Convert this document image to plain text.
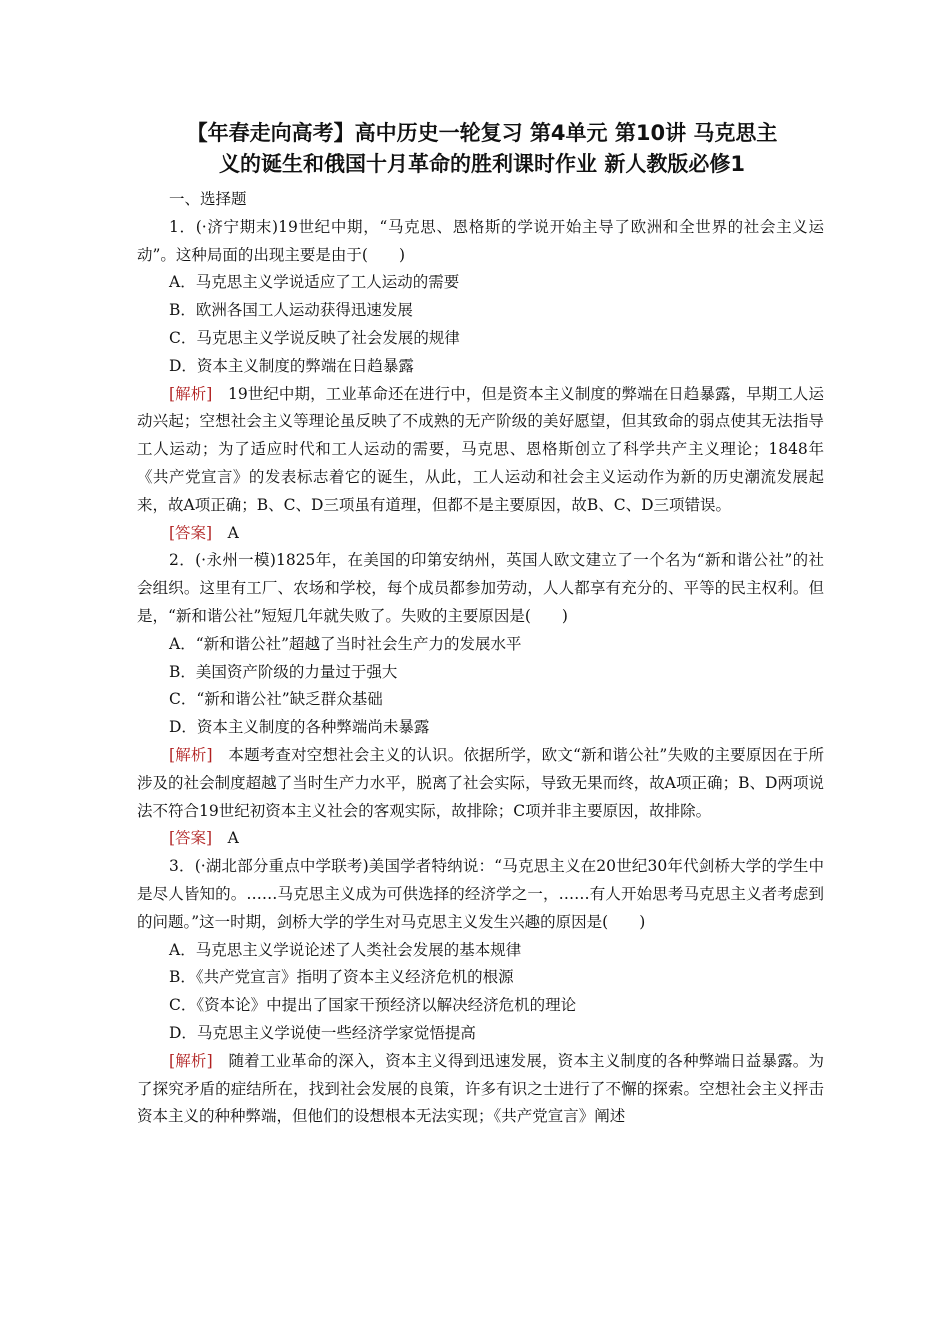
【年春走向高考】高中历史一轮复习 第4单元 第10讲 马克思主
义的诞生和俄国十月革命的胜利课时作业 新人教版必修1
一、选择题

1．(·济宁期末)19世纪中期，“马克思、恩格斯的学说开始主导了欧洲和全世界的社会主义运动”。这种局面的出现主要是由于(　　)

A．马克思主义学说适应了工人运动的需要
B．欧洲各国工人运动获得迅速发展
C．马克思主义学说反映了社会发展的规律
D．资本主义制度的弊端在日趋暴露

[解析]　 19世纪中期，工业革命还在进行中，但是资本主义制度的弊端在日趋暴露，早期工人运动兴起；空想社会主义等理论虽反映了不成熟的无产阶级的美好愿望，但其致命的弱点使其无法指导工人运动；为了适应时代和工人运动的需要，马克思、恩格斯创立了科学共产主义理论；1848年《共产党宣言》的发表标志着它的诞生，从此，工人运动和社会主义运动作为新的历史潮流发展起来，故A项正确；B、C、D三项虽有道理，但都不是主要原因，故B、C、D三项错误。

[答案]　 A

2．(·永州一模)1825年，在美国的印第安纳州，英国人欧文建立了一个名为“新和谐公社”的社会组织。这里有工厂、农场和学校，每个成员都参加劳动，人人都享有充分的、平等的民主权利。但是，“新和谐公社”短短几年就失败了。失败的主要原因是(　　)

A．“新和谐公社”超越了当时社会生产力的发展水平
B．美国资产阶级的力量过于强大
C．“新和谐公社”缺乏群众基础
D．资本主义制度的各种弊端尚未暴露

[解析]　 本题考查对空想社会主义的认识。依据所学，欧文“新和谐公社”失败的主要原因在于所涉及的社会制度超越了当时生产力水平，脱离了社会实际，导致无果而终，故A项正确；B、D两项说法不符合19世纪初资本主义社会的客观实际，故排除；C项并非主要原因，故排除。

[答案]　 A

3．(·湖北部分重点中学联考)美国学者特纳说：“马克思主义在20世纪30年代剑桥大学的学生中是尽人皆知的。……马克思主义成为可供选择的经济学之一，……有人开始思考马克思主义者考虑到的问题。”这一时期，剑桥大学的学生对马克思主义发生兴趣的原因是(　　)

A．马克思主义学说论述了人类社会发展的基本规律
B．《共产党宣言》指明了资本主义经济危机的根源
C．《资本论》中提出了国家干预经济以解决经济危机的理论
D．马克思主义学说使一些经济学家觉悟提高

[解析]　 随着工业革命的深入，资本主义得到迅速发展，资本主义制度的各种弊端日益暴露。为了探究矛盾的症结所在，找到社会发展的良策，许多有识之士进行了不懈的探索。空想社会主义抨击资本主义的种种弊端，但他们的设想根本无法实现；《共产党宣言》阐述
